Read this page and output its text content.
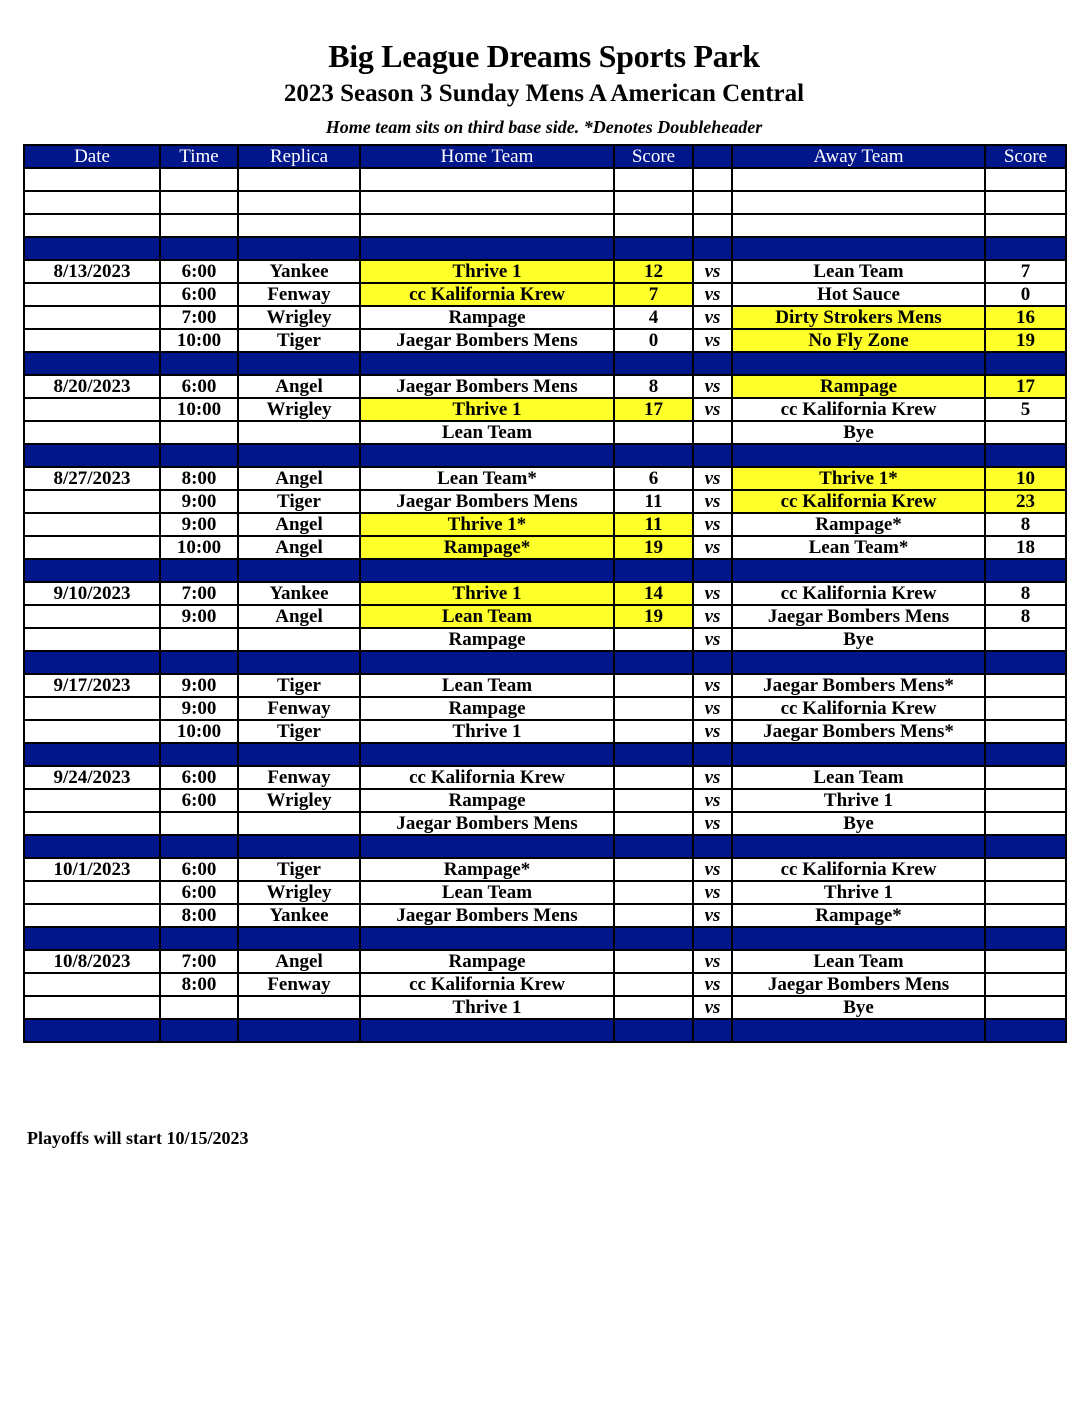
Big League Dreams Sports Park
2023 Season 3 Sunday Mens A American Central
Home team sits on third base side. *Denotes Doubleheader
Date	Time	Replica	Home Team	Score		Away Team	Score

8/13/2023	6:00	Yankee	Thrive 1	12	vs	Lean Team	7
	6:00	Fenway	cc Kalifornia Krew	7	vs	Hot Sauce	0
	7:00	Wrigley	Rampage	4	vs	Dirty Strokers Mens	16
	10:00	Tiger	Jaegar Bombers Mens	0	vs	No Fly Zone	19

8/20/2023	6:00	Angel	Jaegar Bombers Mens	8	vs	Rampage	17
	10:00	Wrigley	Thrive 1	17	vs	cc Kalifornia Krew	5
			Lean Team			Bye	

8/27/2023	8:00	Angel	Lean Team*	6	vs	Thrive 1*	10
	9:00	Tiger	Jaegar Bombers Mens	11	vs	cc Kalifornia Krew	23
	9:00	Angel	Thrive 1*	11	vs	Rampage*	8
	10:00	Angel	Rampage*	19	vs	Lean Team*	18

9/10/2023	7:00	Yankee	Thrive 1	14	vs	cc Kalifornia Krew	8
	9:00	Angel	Lean Team	19	vs	Jaegar Bombers Mens	8
			Rampage		vs	Bye	

9/17/2023	9:00	Tiger	Lean Team		vs	Jaegar Bombers Mens*	
	9:00	Fenway	Rampage		vs	cc Kalifornia Krew	
	10:00	Tiger	Thrive 1		vs	Jaegar Bombers Mens*	

9/24/2023	6:00	Fenway	cc Kalifornia Krew		vs	Lean Team	
	6:00	Wrigley	Rampage		vs	Thrive 1	
			Jaegar Bombers Mens		vs	Bye	

10/1/2023	6:00	Tiger	Rampage*		vs	cc Kalifornia Krew	
	6:00	Wrigley	Lean Team		vs	Thrive 1	
	8:00	Yankee	Jaegar Bombers Mens		vs	Rampage*	

10/8/2023	7:00	Angel	Rampage		vs	Lean Team	
	8:00	Fenway	cc Kalifornia Krew		vs	Jaegar Bombers Mens	
			Thrive 1		vs	Bye	

Playoffs will start 10/15/2023
